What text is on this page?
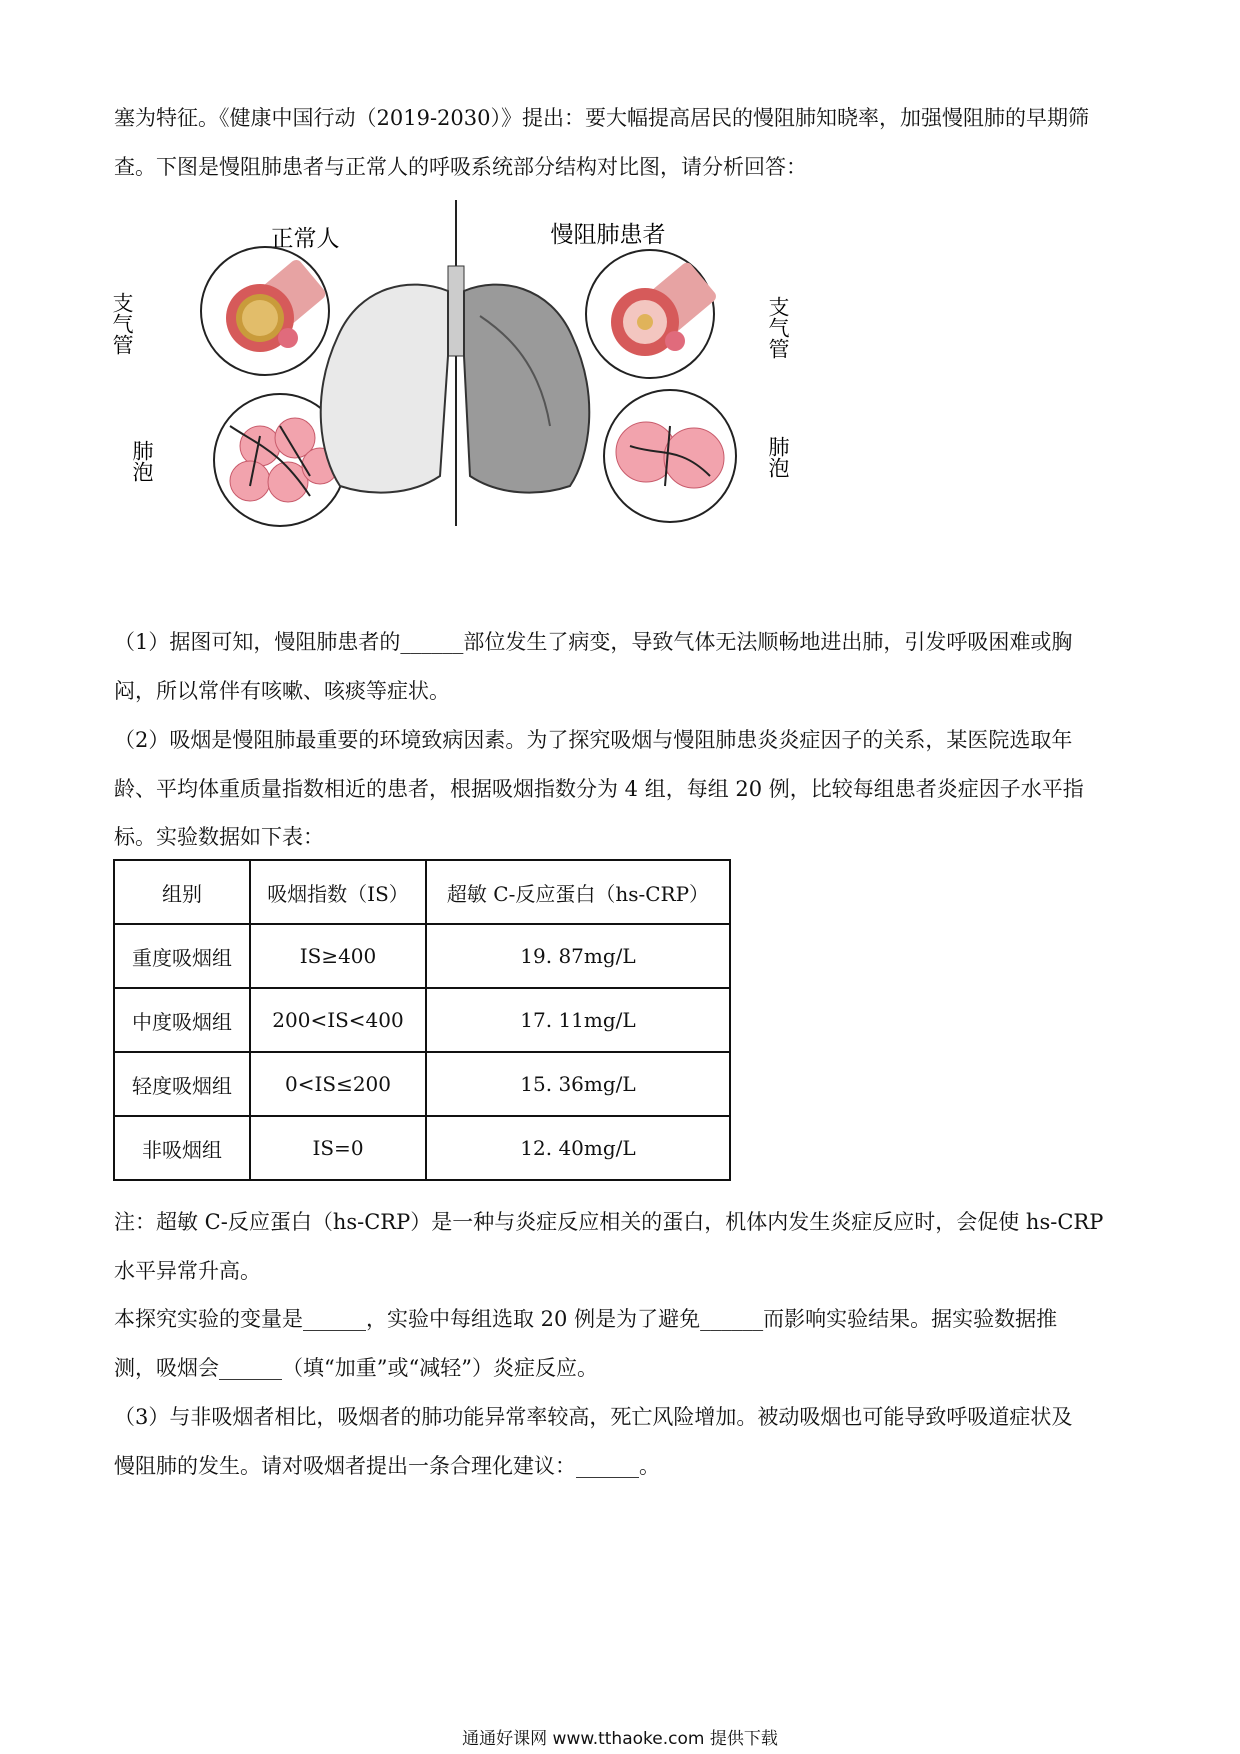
塞为特征。《健康中国行动（2019-2030）》提出：要大幅提高居民的慢阻肺知晓率，加强慢阻肺的早期筛

查。下图是慢阻肺患者与正常人的呼吸系统部分结构对比图，请分析回答：

正常人	慢阻肺患者
支气管
肺泡
支气管
肺泡

（1）据图可知，慢阻肺患者的______部位发生了病变，导致气体无法顺畅地进出肺，引发呼吸困难或胸

闷，所以常伴有咳嗽、咳痰等症状。

（2）吸烟是慢阻肺最重要的环境致病因素。为了探究吸烟与慢阻肺患炎炎症因子的关系，某医院选取年

龄、平均体重质量指数相近的患者，根据吸烟指数分为 4 组，每组 20 例，比较每组患者炎症因子水平指

标。实验数据如下表：

组别	吸烟指数（IS）	超敏 C-反应蛋白（hs-CRP）
重度吸烟组	IS≥400	19. 87mg/L
中度吸烟组	200<IS<400	17. 11mg/L
轻度吸烟组	0<IS≤200	15. 36mg/L
非吸烟组	IS=0	12. 40mg/L

注：超敏 C-反应蛋白（hs-CRP）是一种与炎症反应相关的蛋白，机体内发生炎症反应时，会促使 hs-CRP

水平异常升高。

本探究实验的变量是______，实验中每组选取 20 例是为了避免______而影响实验结果。据实验数据推

测，吸烟会______（填“加重”或“减轻”）炎症反应。

（3）与非吸烟者相比，吸烟者的肺功能异常率较高，死亡风险增加。被动吸烟也可能导致呼吸道症状及

慢阻肺的发生。请对吸烟者提出一条合理化建议：______。

通通好课网 www.tthaoke.com 提供下载
